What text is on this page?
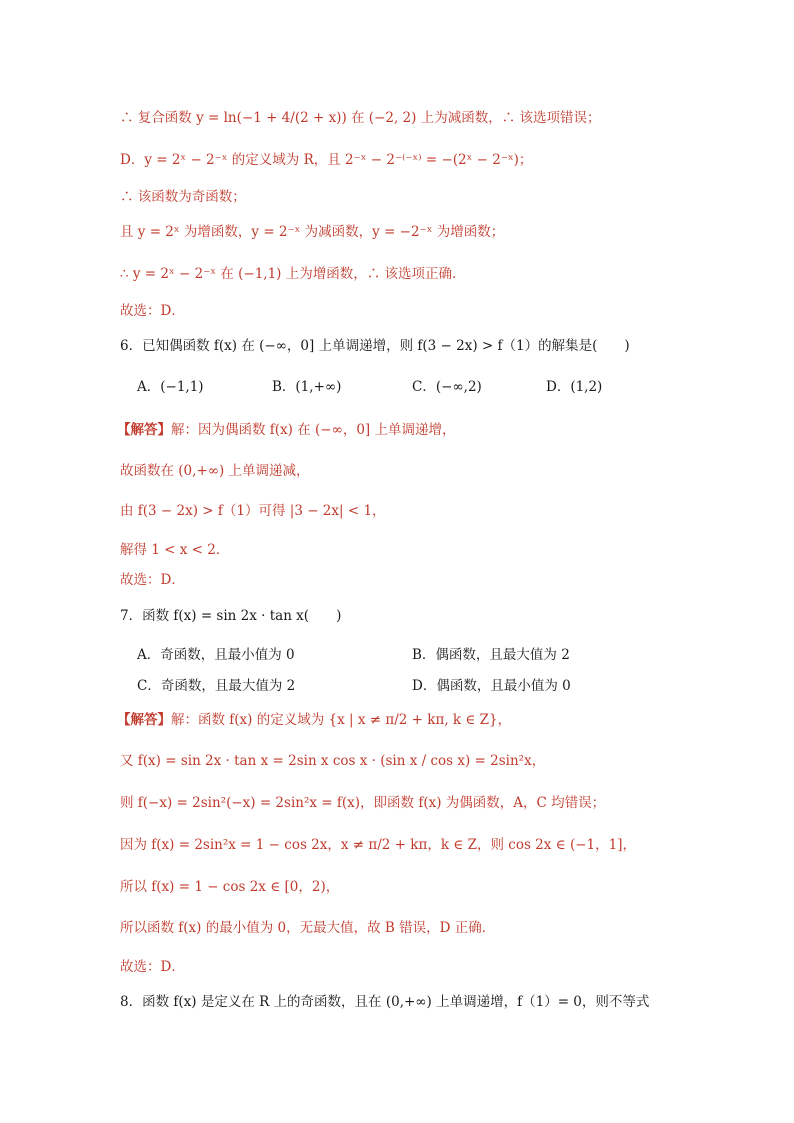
∴ 复合函数 y = ln(−1 + 4/(2 + x)) 在 (−2, 2) 上为减函数，∴ 该选项错误；
D．y = 2ˣ − 2⁻ˣ 的定义域为 R，且 2⁻ˣ − 2⁻⁽⁻ˣ⁾ = −(2ˣ − 2⁻ˣ)；
∴ 该函数为奇函数；
且 y = 2ˣ 为增函数，y = 2⁻ˣ 为减函数，y = −2⁻ˣ 为增函数；
∴ y = 2ˣ − 2⁻ˣ 在 (−1,1) 上为增函数，∴ 该选项正确．
故选：D．
6．已知偶函数 f(x) 在 (−∞，0] 上单调递增，则 f(3 − 2x) > f（1）的解集是(　　)
A．(−1,1)	B．(1,+∞)	C．(−∞,2)	D．(1,2)
【解答】解：因为偶函数 f(x) 在 (−∞，0] 上单调递增，
故函数在 (0,+∞) 上单调递减，
由 f(3 − 2x) > f（1）可得 |3 − 2x| < 1，
解得 1 < x < 2．
故选：D．
7．函数 f(x) = sin 2x · tan x(　　)
A．奇函数，且最小值为 0	B．偶函数，且最大值为 2
C．奇函数，且最大值为 2	D．偶函数，且最小值为 0
【解答】解：函数 f(x) 的定义域为 {x | x ≠ π/2 + kπ, k ∈ Z}，
又 f(x) = sin 2x · tan x = 2sin x cos x · (sin x / cos x) = 2sin²x，
则 f(−x) = 2sin²(−x) = 2sin²x = f(x)，即函数 f(x) 为偶函数，A，C 均错误；
因为 f(x) = 2sin²x = 1 − cos 2x，x ≠ π/2 + kπ，k ∈ Z，则 cos 2x ∈ (−1，1]，
所以 f(x) = 1 − cos 2x ∈ [0，2)，
所以函数 f(x) 的最小值为 0，无最大值，故 B 错误，D 正确．
故选：D．
8．函数 f(x) 是定义在 R 上的奇函数，且在 (0,+∞) 上单调递增，f（1）= 0，则不等式
